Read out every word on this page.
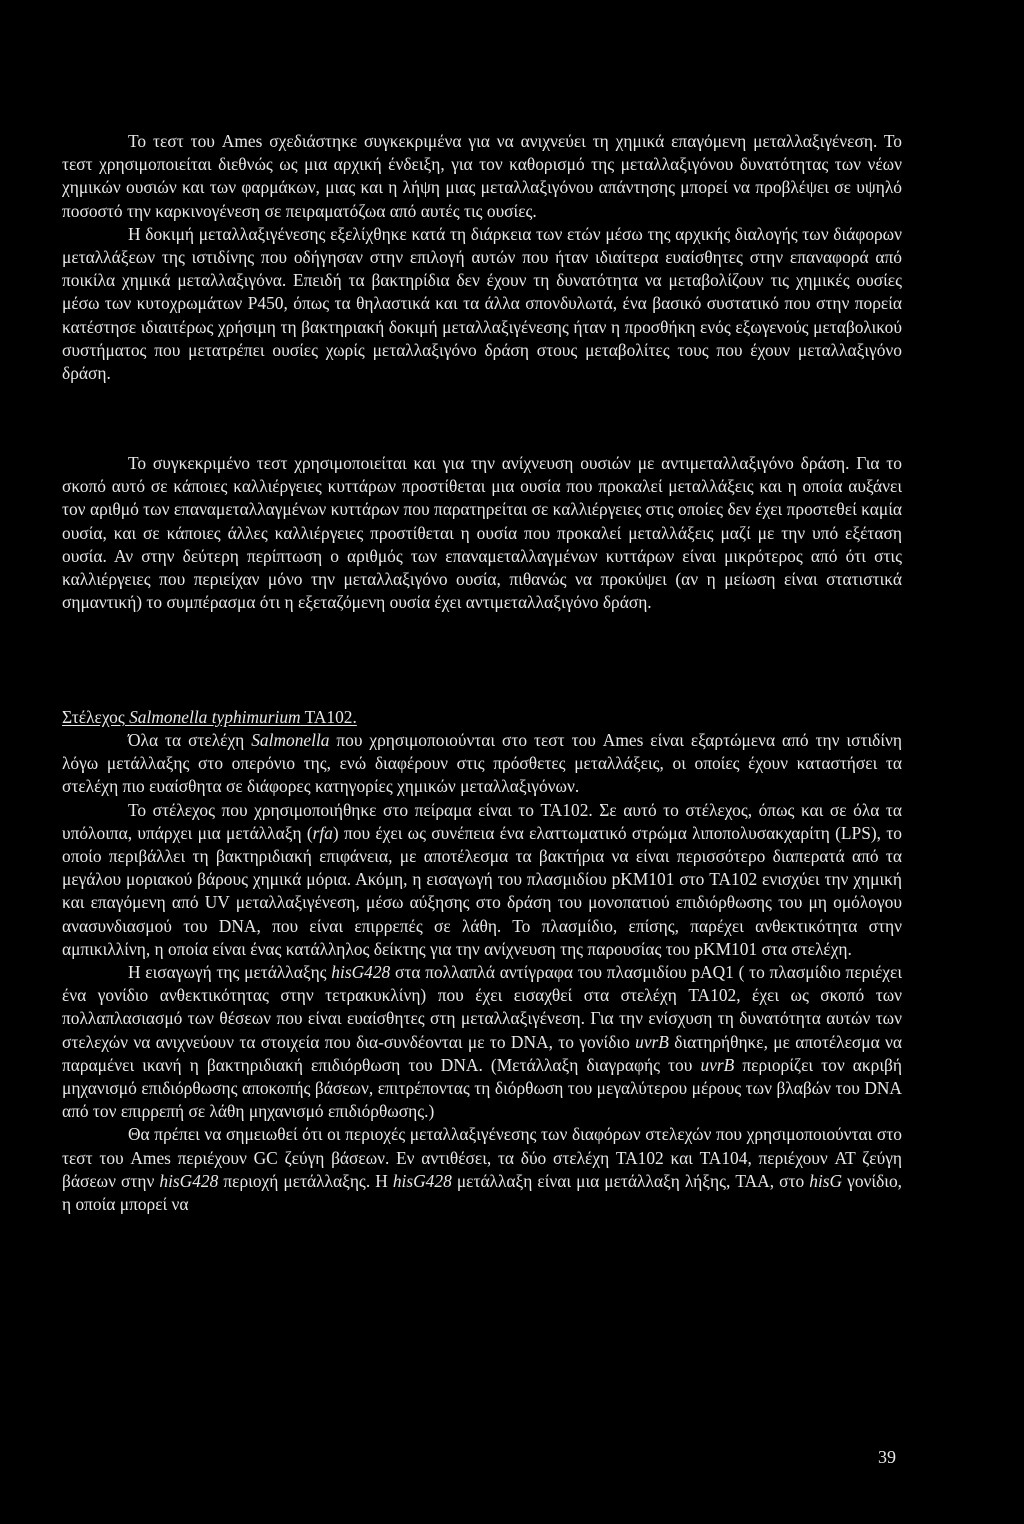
Το τεστ του Ames σχεδιάστηκε συγκεκριμένα για να ανιχνεύει τη χημικά επαγόμενη μεταλλαξιγένεση. Το τεστ χρησιμοποιείται διεθνώς ως μια αρχική ένδειξη, για τον καθορισμό της μεταλλαξιγόνου δυνατότητας των νέων χημικών ουσιών και των φαρμάκων, μιας και η λήψη μιας μεταλλαξιγόνου απάντησης μπορεί να προβλέψει σε υψηλό ποσοστό την καρκινογένεση σε πειραματόζωα από αυτές τις ουσίες.

Η δοκιμή μεταλλαξιγένεσης εξελίχθηκε κατά τη διάρκεια των ετών μέσω της αρχικής διαλογής των διάφορων μεταλλάξεων της ιστιδίνης που οδήγησαν στην επιλογή αυτών που ήταν ιδιαίτερα ευαίσθητες στην επαναφορά από ποικίλα χημικά μεταλλαξιγόνα. Επειδή τα βακτηρίδια δεν έχουν τη δυνατότητα να μεταβολίζουν τις χημικές ουσίες μέσω των κυτοχρωμάτων P450, όπως τα θηλαστικά και τα άλλα σπονδυλωτά, ένα βασικό συστατικό που στην πορεία κατέστησε ιδιαιτέρως χρήσιμη τη βακτηριακή δοκιμή μεταλλαξιγένεσης ήταν η προσθήκη ενός εξωγενούς μεταβολικού συστήματος που μετατρέπει ουσίες χωρίς μεταλλαξιγόνο δράση στους μεταβολίτες τους που έχουν μεταλλαξιγόνο δράση.

Το συγκεκριμένο τεστ χρησιμοποιείται και για την ανίχνευση ουσιών με αντιμεταλλαξιγόνο δράση. Για το σκοπό αυτό σε κάποιες καλλιέργειες κυττάρων προστίθεται μια ουσία που προκαλεί μεταλλάξεις και η οποία αυξάνει τον αριθμό των επαναμεταλλαγμένων κυττάρων που παρατηρείται σε καλλιέργειες στις οποίες δεν έχει προστεθεί καμία ουσία, και σε κάποιες άλλες καλλιέργειες προστίθεται η ουσία που προκαλεί μεταλλάξεις μαζί με την υπό εξέταση ουσία. Αν στην δεύτερη περίπτωση ο αριθμός των επαναμεταλλαγμένων κυττάρων είναι μικρότερος από ότι στις καλλιέργειες που περιείχαν μόνο την μεταλλαξιγόνο ουσία, πιθανώς να προκύψει (αν η μείωση είναι στατιστικά σημαντική) το συμπέρασμα ότι η εξεταζόμενη ουσία έχει αντιμεταλλαξιγόνο δράση.

Στέλεχος Salmonella typhimurium TA102.

Όλα τα στελέχη Salmonella που χρησιμοποιούνται στο τεστ του Ames είναι εξαρτώμενα από την ιστιδίνη λόγω μετάλλαξης στο οπερόνιο της, ενώ διαφέρουν στις πρόσθετες μεταλλάξεις, οι οποίες έχουν καταστήσει τα στελέχη πιο ευαίσθητα σε διάφορες κατηγορίες χημικών μεταλλαξιγόνων.

Το στέλεχος που χρησιμοποιήθηκε στο πείραμα είναι το TA102. Σε αυτό το στέλεχος, όπως και σε όλα τα υπόλοιπα, υπάρχει μια μετάλλαξη (rfa) που έχει ως συνέπεια ένα ελαττωματικό στρώμα λιποπολυσακχαρίτη (LPS), το οποίο περιβάλλει τη βακτηριδιακή επιφάνεια, με αποτέλεσμα τα βακτήρια να είναι περισσότερο διαπερατά από τα μεγάλου μοριακού βάρους χημικά μόρια. Ακόμη, η εισαγωγή του πλασμιδίου pKM101 στο TA102 ενισχύει την χημική και επαγόμενη από UV μεταλλαξιγένεση, μέσω αύξησης στο δράση του μονοπατιού επιδιόρθωσης του μη ομόλογου ανασυνδιασμού του DNA, που είναι επιρρεπές σε λάθη. Το πλασμίδιο, επίσης, παρέχει ανθεκτικότητα στην αμπικιλλίνη, η οποία είναι ένας κατάλληλος δείκτης για την ανίχνευση της παρουσίας του pKM101 στα στελέχη.

Η εισαγωγή της μετάλλαξης hisG428 στα πολλαπλά αντίγραφα του πλασμιδίου pAQ1 ( το πλασμίδιο περιέχει ένα γονίδιο ανθεκτικότητας στην τετρακυκλίνη) που έχει εισαχθεί στα στελέχη TA102, έχει ως σκοπό των πολλαπλασιασμό των θέσεων που είναι ευαίσθητες στη μεταλλαξιγένεση. Για την ενίσχυση τη δυνατότητα αυτών των στελεχών να ανιχνεύουν τα στοιχεία που δια-συνδέονται με το DNA, το γονίδιο uvrB διατηρήθηκε, με αποτέλεσμα να παραμένει ικανή η βακτηριδιακή επιδιόρθωση του DNA. (Μετάλλαξη διαγραφής του uvrB περιορίζει τον ακριβή μηχανισμό επιδιόρθωσης αποκοπής βάσεων, επιτρέποντας τη διόρθωση του μεγαλύτερου μέρους των βλαβών του DNA από τον επιρρεπή σε λάθη μηχανισμό επιδιόρθωσης.)

Θα πρέπει να σημειωθεί ότι οι περιοχές μεταλλαξιγένεσης των διαφόρων στελεχών που χρησιμοποιούνται στο τεστ του Ames περιέχουν GC ζεύγη βάσεων. Εν αντιθέσει, τα δύο στελέχη TA102 και TA104, περιέχουν AT ζεύγη βάσεων στην hisG428 περιοχή μετάλλαξης. Η hisG428 μετάλλαξη είναι μια μετάλλαξη λήξης, TAA, στο hisG γονίδιο, η οποία μπορεί να

39
